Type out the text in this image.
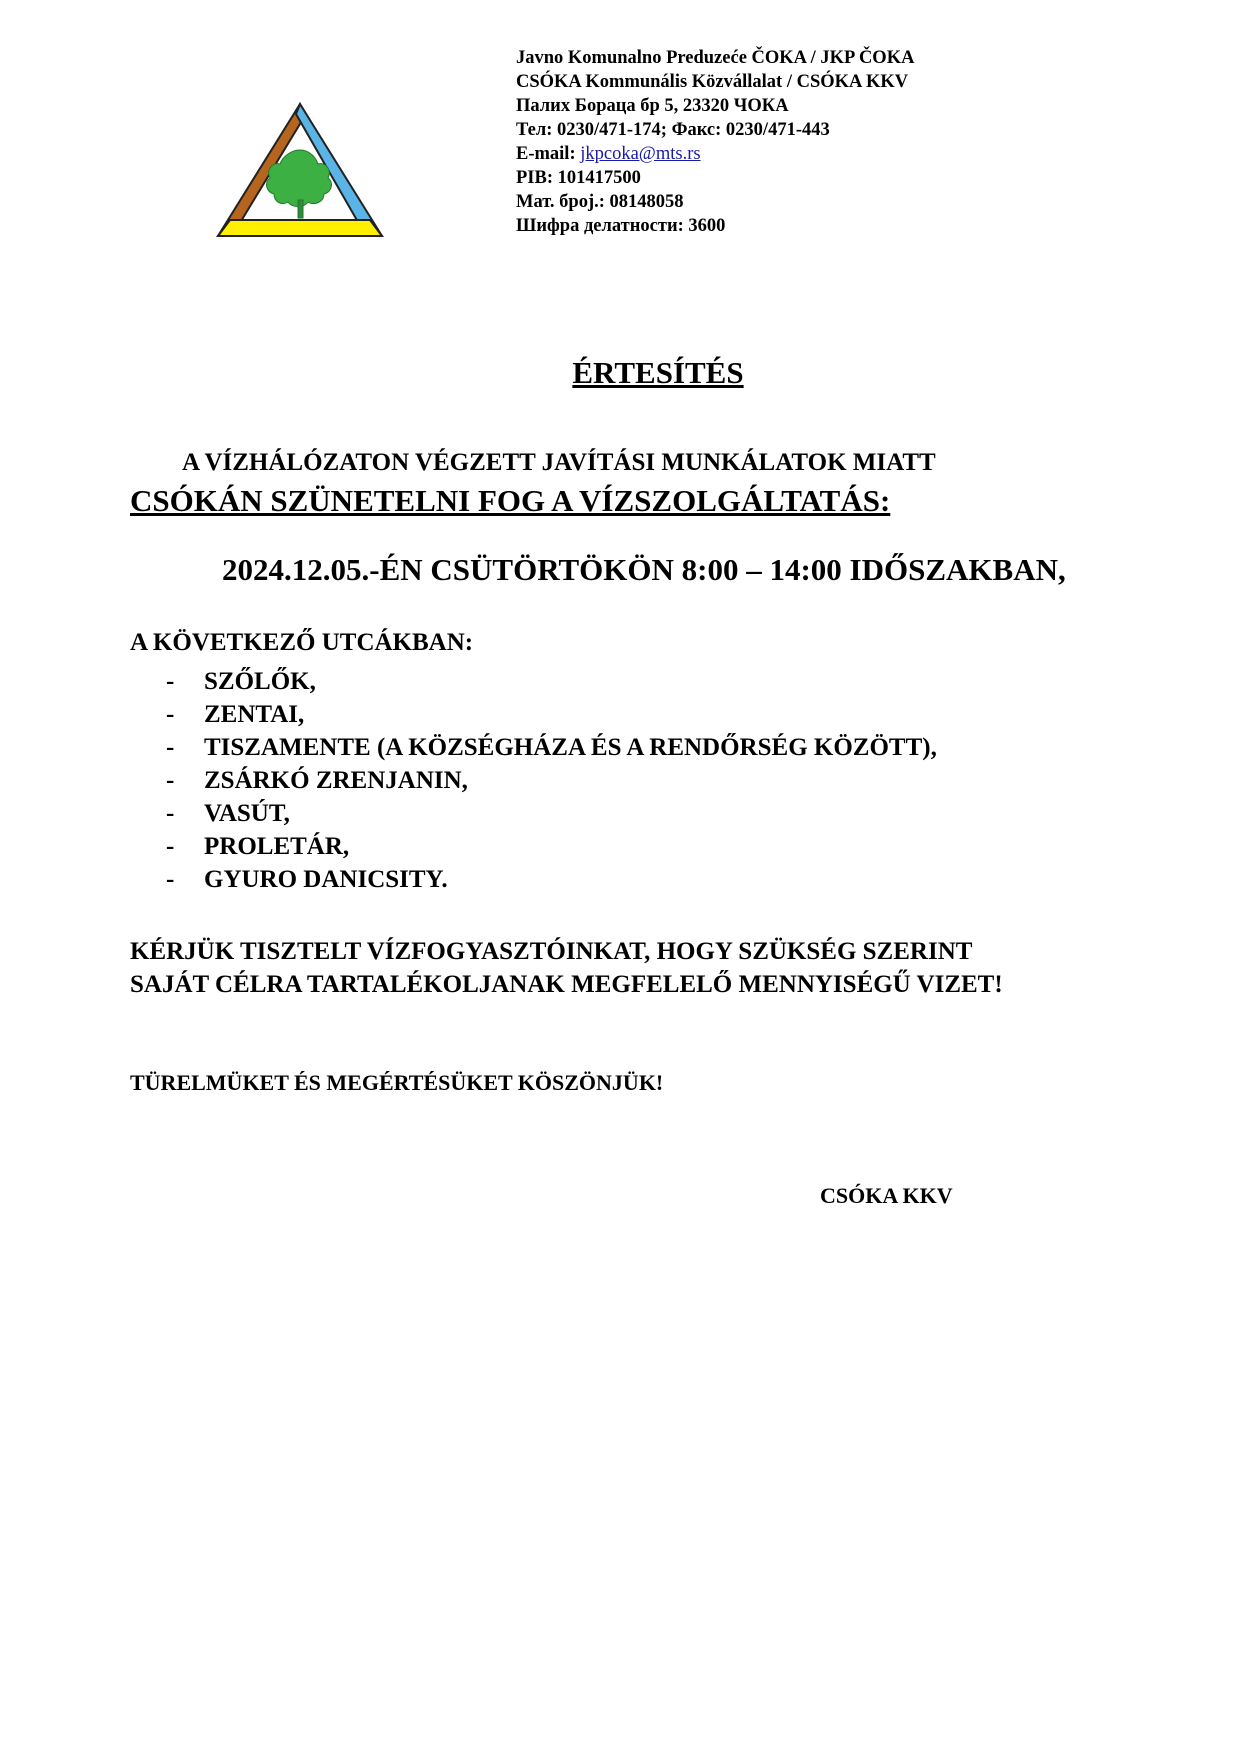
Javno Komunalno Preduzeće ČOKA / JKP ČOKA
CSÓKA Kommunális Közvállalat / CSÓKA KKV
Палих Бораца бр 5, 23320 ЧОКА
Тел: 0230/471-174; Факс: 0230/471-443
E-mail: jkpcoka@mts.rs
PIB: 101417500
Мат. број.: 08148058
Шифра делатности: 3600
ÉRTESÍTÉS
A VÍZHÁLÓZATON VÉGZETT JAVÍTÁSI MUNKÁLATOK MIATT
CSÓKÁN SZÜNETELNI FOG A VÍZSZOLGÁLTATÁS:
2024.12.05.-ÉN CSÜTÖRTÖKÖN 8:00 – 14:00 IDŐSZAKBAN,
A KÖVETKEZŐ UTCÁKBAN:
- SZŐLŐK,
- ZENTAI,
- TISZAMENTE (A KÖZSÉGHÁZA ÉS A RENDŐRSÉG KÖZÖTT),
- ZSÁRKÓ ZRENJANIN,
- VASÚT,
- PROLETÁR,
- GYURO DANICSITY.
KÉRJÜK TISZTELT VÍZFOGYASZTÓINKAT, HOGY SZÜKSÉG SZERINT
SAJÁT CÉLRA TARTALÉKOLJANAK MEGFELELŐ MENNYISÉGŰ VIZET!
TÜRELMÜKET ÉS MEGÉRTÉSÜKET KÖSZÖNJÜK!
CSÓKA KKV
